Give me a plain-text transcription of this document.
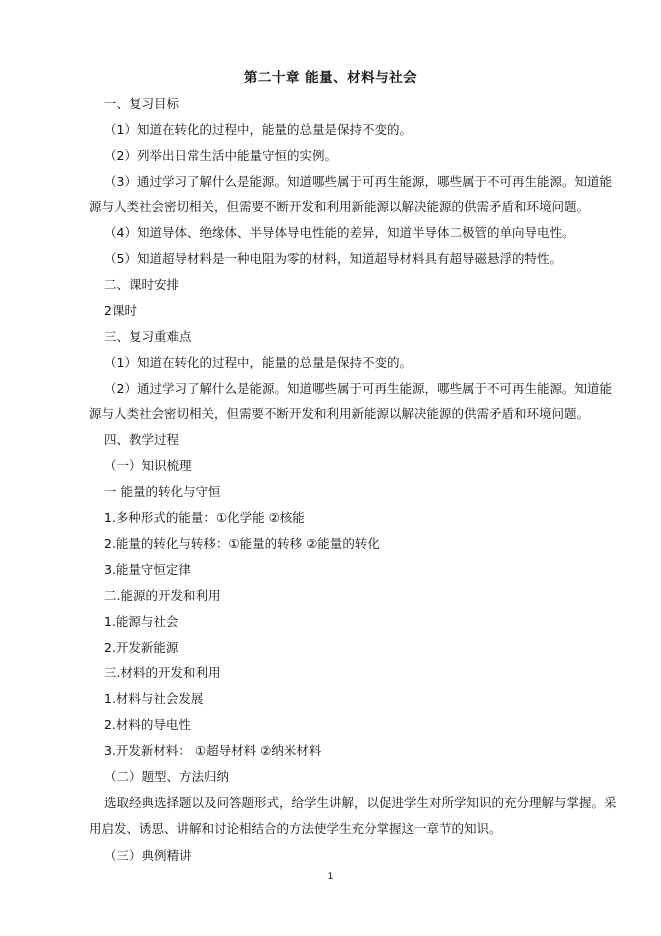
第二十章 能量、材料与社会
一、复习目标
（1）知道在转化的过程中，能量的总量是保持不变的。
（2）列举出日常生活中能量守恒的实例。
（3）通过学习了解什么是能源。知道哪些属于可再生能源，哪些属于不可再生能源。知道能
源与人类社会密切相关，但需要不断开发和利用新能源以解决能源的供需矛盾和环境问题。
（4）知道导体、绝缘体、半导体导电性能的差异，知道半导体二极管的单向导电性。
（5）知道超导材料是一种电阻为零的材料，知道超导材料具有超导磁悬浮的特性。
二、课时安排
2课时
三、复习重难点
（1）知道在转化的过程中，能量的总量是保持不变的。
（2）通过学习了解什么是能源。知道哪些属于可再生能源，哪些属于不可再生能源。知道能
源与人类社会密切相关，但需要不断开发和利用新能源以解决能源的供需矛盾和环境问题。
四、教学过程
（一）知识梳理
一 能量的转化与守恒
1.多种形式的能量：①化学能 ②核能
2.能量的转化与转移：①能量的转移 ②能量的转化
3.能量守恒定律
二.能源的开发和利用
1.能源与社会
2.开发新能源
三.材料的开发和利用
1.材料与社会发展
2.材料的导电性
3.开发新材料： ①超导材料 ②纳米材料
（二）题型、方法归纳
选取经典选择题以及问答题形式，给学生讲解，以促进学生对所学知识的充分理解与掌握。采
用启发、诱思、讲解和讨论相结合的方法使学生充分掌握这一章节的知识。
（三）典例精讲
1
